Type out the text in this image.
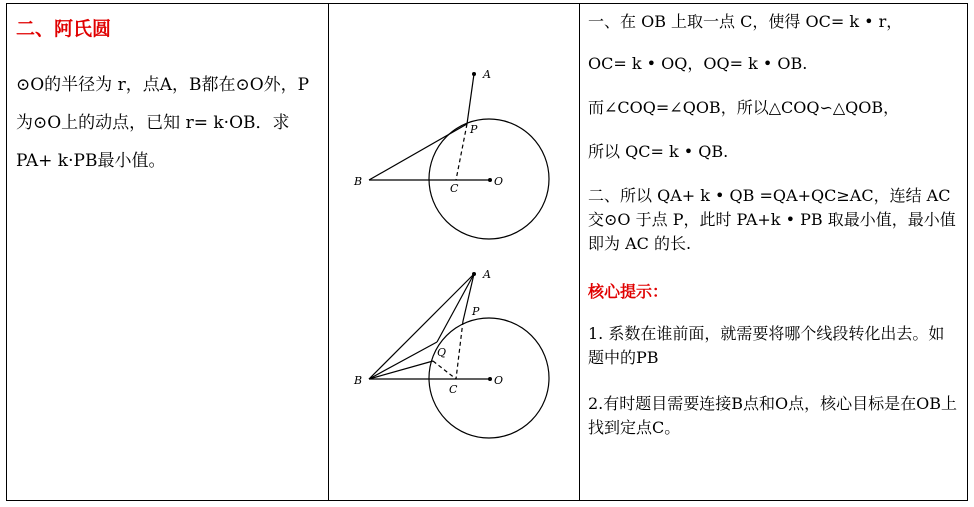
二、阿氏圆

⊙O的半径为 r，点A，B都在⊙O外，P为⊙O上的动点，已知 r= k·OB．求 PA+ k·PB最小值。

A
P
B
C
O
A
P
Q
B
C
O

一、在 OB 上取一点 C，使得 OC= k • r，

OC= k • OQ，OQ= k • OB.

而∠COQ=∠QOB，所以△COQ∽△QOB，

所以 QC= k • QB.

二、所以 QA+ k • QB =QA+QC≥AC，连结 AC 交⊙O 于点 P，此时 PA+k • PB 取最小值，最小值即为 AC 的长.

核心提示：

1. 系数在谁前面，就需要将哪个线段转化出去。如题中的PB

2.有时题目需要连接B点和O点，核心目标是在OB上找到定点C。
